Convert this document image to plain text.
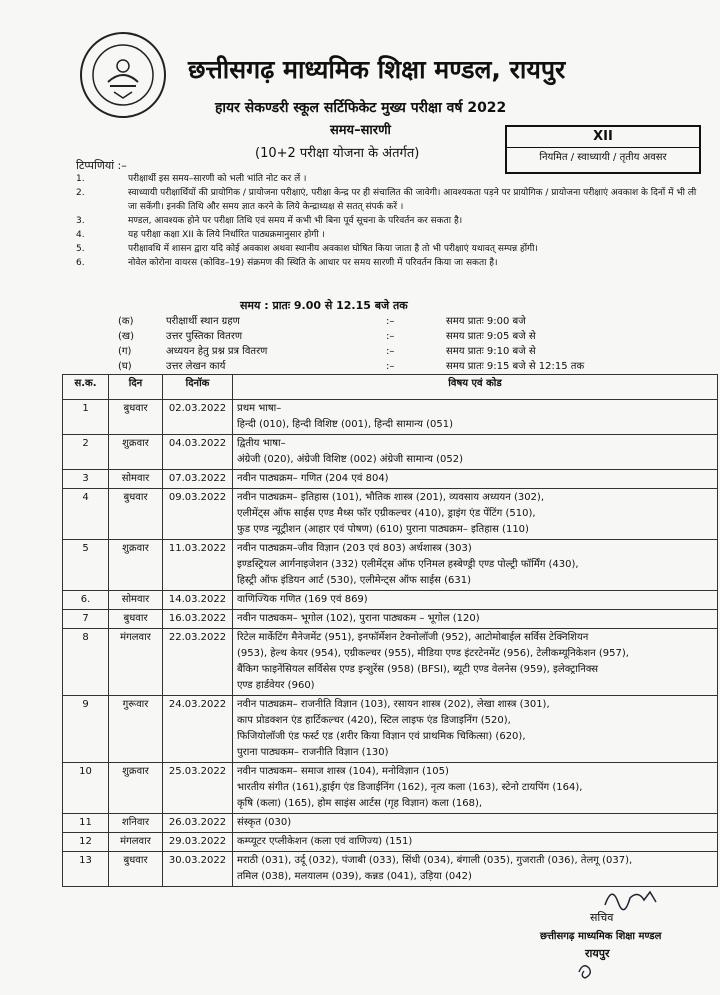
छत्तीसगढ़ माध्यमिक शिक्षा मण्डल, रायपुर
हायर सेकण्डरी स्कूल सर्टिफिकेट मुख्य परीक्षा वर्ष 2022
समय–सारणी
(10+2 परीक्षा योजना के अंतर्गत)
XII
नियमित / स्वाध्यायी / तृतीय अवसर
टिप्पणियां :–
1.	परीक्षार्थी इस समय–सारणी को भली भांति नोट कर लें ।
2.	स्वाध्यायी परीक्षार्थियों की प्रायोगिक / प्रायोजना परीक्षाएं, परीक्षा केन्द्र पर ही संचालित की जावेगी। आवश्यकता पड़ने पर प्रायोगिक / प्रायोजना परीक्षाएं अवकाश के दिनों में भी ली जा सकेंगी। इनकी तिथि और समय ज्ञात करने के लिये केन्द्राध्यक्ष से सतत् संपर्क करें ।
3.	मण्डल, आवश्यक होने पर परीक्षा तिथि एवं समय में कभी भी बिना पूर्व सूचना के परिवर्तन कर सकता है।
4.	यह परीक्षा कक्षा XII के लिये निर्धारित पाठ्यक्रमानुसार होगी ।
5.	परीक्षावधि में शासन द्वारा यदि कोई अवकाश अथवा स्थानीय अवकाश घोषित किया जाता है तो भी परीक्षाएं यथावत् सम्पन्न होंगी।
6.	नोवेल कोरोना वायरस (कोविड–19) संक्रमण की स्थिति के आधार पर समय सारणी में परिवर्तन किया जा सकता है।
समय : प्रातः 9.00 से 12.15 बजे तक
(क)	परीक्षार्थी स्थान ग्रहण	:–	समय प्रातः 9:00 बजे
(ख)	उत्तर पुस्तिका वितरण	:–	समय प्रातः 9:05 बजे से
(ग)	अध्ययन हेतु प्रश्न प्रत्र वितरण	:–	समय प्रातः 9:10 बजे से
(घ)	उत्तर लेखन कार्य	:–	समय प्रातः 9:15 बजे से 12:15 तक
स.क.	दिन	दिनॉक	विषय एवं कोड
1	बुधवार	02.03.2022	प्रथम भाषा–
हिन्दी (010), हिन्दी विशिष्ट (001), हिन्दी सामान्य (051)

2	शुक्रवार	04.03.2022	द्वितीय भाषा–
अंग्रेजी (020), अंग्रेजी विशिष्ट (002) अंग्रेजी सामान्य (052)

3	सोमवार	07.03.2022	नवीन पाठ्यक्रम– गणित (204 एवं 804)

4	बुधवार	09.03.2022	नवीन पाठ्यक्रम– इतिहास (101), भौतिक शास्त्र (201), व्यवसाय अध्ययन (302),
एलीमेंट्स ऑफ साईस एण्ड मैथ्स फॉर एग्रीकल्चर (410), ड्राइंग एंड पेंटिंग (510),
फुड एण्ड न्यूट्रीशन (आहार एवं पोषण) (610) पुराना पाठ्यक्रम– इतिहास (110)

5	शुक्रवार	11.03.2022	नवीन पाठ्यक्रम–जीव विज्ञान (203 एवं 803) अर्थशास्त्र (303)
इण्डस्ट्रियल आर्गनाइजेशन (332) एलीमेंट्स ऑफ एनिमल हस्बेण्ड्री एण्ड पोल्ट्री फॉर्मिंग (430),
हिस्ट्री ऑफ इंडियन आर्ट (530), एलीमेन्ट्स ऑफ साईस (631)

6.	सोमवार	14.03.2022	वाणिज्यिक गणित (169 एवं 869)

7	बुधवार	16.03.2022	नवीन पाठ्यकम– भूगोल (102), पुराना पाठ्यकम – भूगोल (120)

8	मंगलवार	22.03.2022	रिटेल मार्केटिंग मैनेजमेंट (951), इनफॉर्मेशन टेक्नोलॉजी (952), आटोमोबाईल सर्विस टेक्निशियन
(953), हेल्थ केयर (954), एग्रीकल्चर (955), मीडिया एण्ड इंटरटेनमेंट (956), टेलीकम्यूनिकेशन (957),
बैंकिग फाइनेंसियल सर्विसेस एण्ड इन्शुरेंस (958) (BFSI), ब्यूटी एण्ड वेलनेस (959), इलेक्ट्रानिक्स
एण्ड हार्डवेयर (960)

9	गुरूवार	24.03.2022	नवीन पाठ्यक्रम– राजनीति विज्ञान (103), रसायन शास्त्र (202), लेखा शास्त्र (301),
काप प्रोडक्शन एंड हार्टिकल्चर (420), स्टिल लाइफ एंड डिजाइनिंग (520),
फिजियोलॉजी एंड फर्स्ट एड (शरीर किया विज्ञान एवं प्राथमिक चिकित्सा) (620),
पुराना पाठ्यकम– राजनीति विज्ञान (130)

10	शुक्रवार	25.03.2022	नवीन पाठ्यकम– समाज शास्त्र (104), मनोविज्ञान (105)
भारतीय संगीत (161),ड्राईग एंड डिजाईनिंग (162), नृत्य कला (163), स्टेनो टायपिंग (164),
कृषि (कला) (165), होम साइंस आर्टस (गृह विज्ञान) कला (168),

11	शनिवार	26.03.2022	संस्कृत (030)

12	मंगलवार	29.03.2022	कम्प्यूटर एप्लीकेशन (कला एवं वाणिज्य) (151)

13	बुधवार	30.03.2022	मराठी (031), उर्दू (032), पंजाबी (033), सिंधी (034), बंगाली (035), गुजराती (036), तेलगू (037),
तमिल (038), मलयालम (039), कन्नड (041), उड़िया (042)
सचिव
छत्तीसगढ़ माध्यमिक शिक्षा मण्डल
रायपुर
